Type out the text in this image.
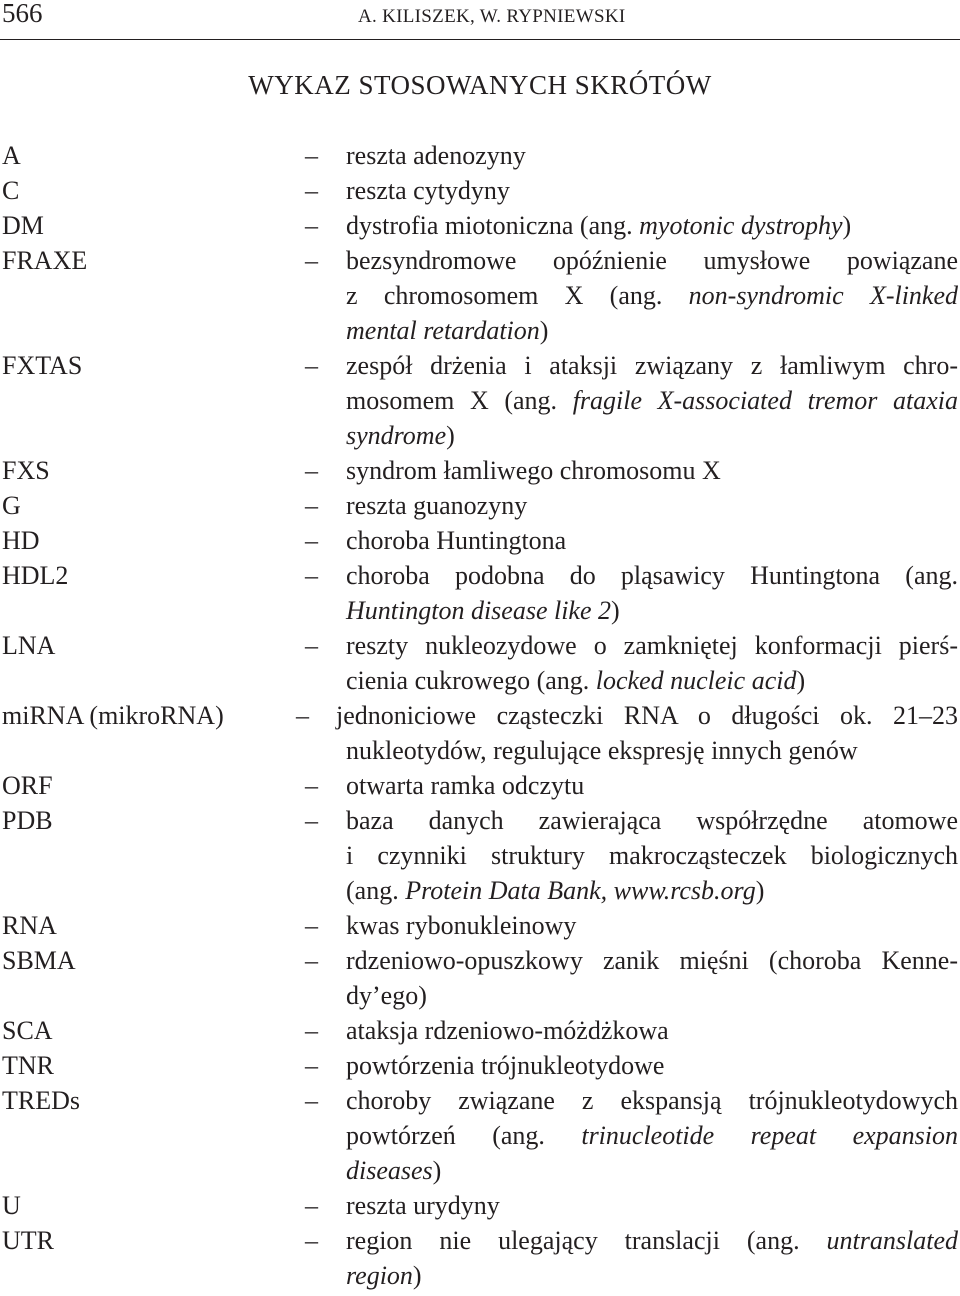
566	A. KILISZEK, W. RYPNIEWSKI
WYKAZ STOSOWANYCH SKRÓTÓW
A	– reszta adenozyny
C	– reszta cytydyny
DM	– dystrofia miotoniczna (ang. myotonic dystrophy)
FRAXE	– bezsyndromowe opóźnienie umysłowe powiązane
z chromosomem X (ang. non-syndromic X-linked
mental retardation)
FXTAS	– zespół drżenia i ataksji związany z łamliwym chro-
mosomem X (ang. fragile X-associated tremor ataxia
syndrome)
FXS	– syndrom łamliwego chromosomu X
G	– reszta guanozyny
HD	– choroba Huntingtona
HDL2	– choroba podobna do pląsawicy Huntingtona (ang.
Huntington disease like 2)
LNA	– reszty nukleozydowe o zamkniętej konformacji pierś-
cienia cukrowego (ang. locked nucleic acid)
miRNA (mikroRNA)	– jednoniciowe cząsteczki RNA o długości ok. 21–23
nukleotydów, regulujące ekspresję innych genów
ORF	– otwarta ramka odczytu
PDB	– baza danych zawierająca współrzędne atomowe
i czynniki struktury makrocząsteczek biologicznych
(ang. Protein Data Bank, www.rcsb.org)
RNA	– kwas rybonukleinowy
SBMA	– rdzeniowo-opuszkowy zanik mięśni (choroba Kenne-
dy’ego)
SCA	– ataksja rdzeniowo-móżdżkowa
TNR	– powtórzenia trójnukleotydowe
TREDs	– choroby związane z ekspansją trójnukleotydowych
powtórzeń (ang. trinucleotide repeat expansion
diseases)
U	– reszta urydyny
UTR	– region nie ulegający translacji (ang. untranslated
region)
